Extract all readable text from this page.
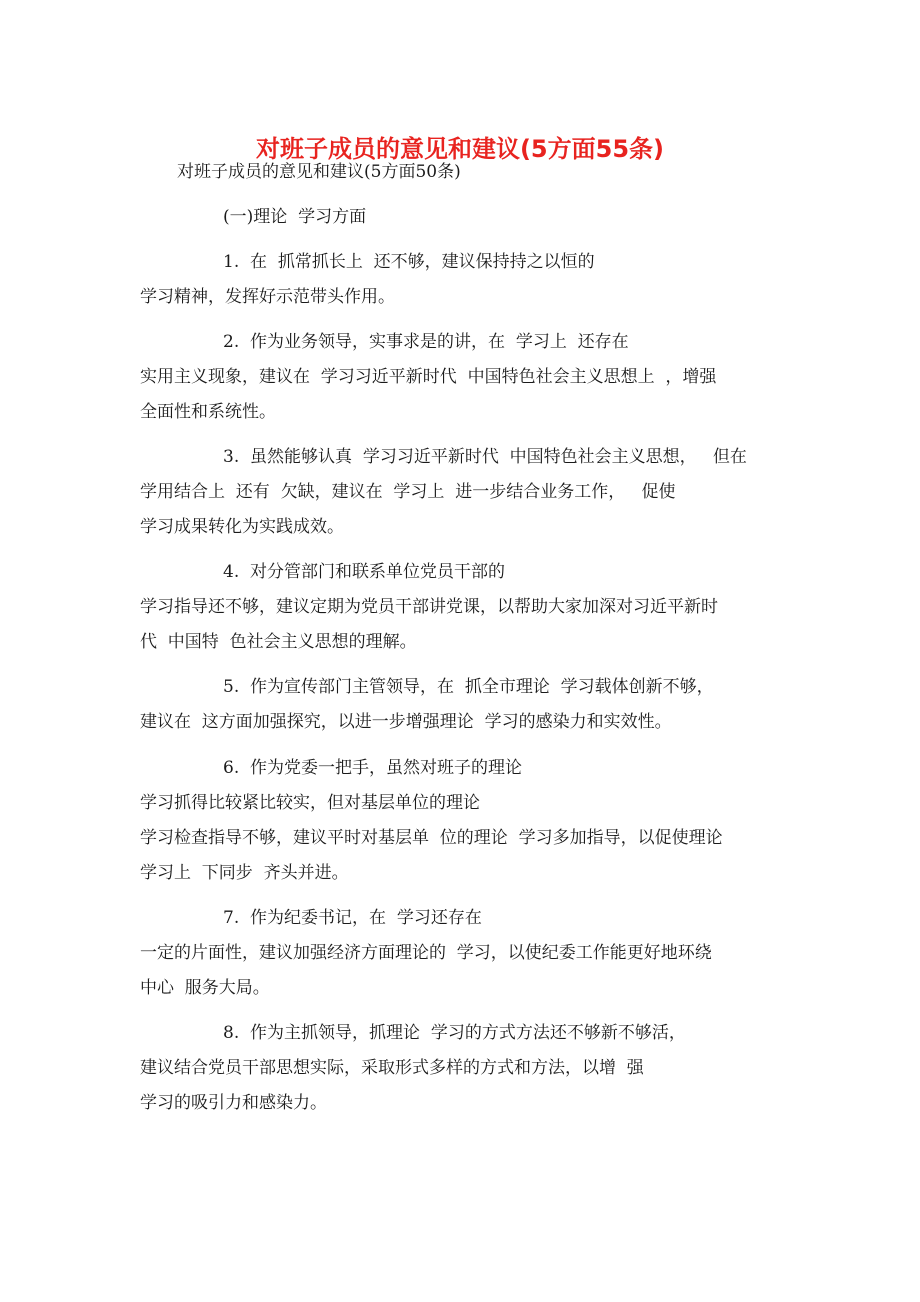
对班子成员的意见和建议(5方面55条)

对班子成员的意见和建议(5方面50条)

(一)理论  学习方面

1.  在  抓常抓长上  还不够，建议保持持之以恒的

学习精神，发挥好示范带头作用。

2.  作为业务领导，实事求是的讲，在  学习上  还存在

实用主义现象，建议在  学习习近平新时代  中国特色社会主义思想上  ，增强

全面性和系统性。

3.  虽然能够认真  学习习近平新时代  中国特色社会主义思想，   但在

学用结合上  还有  欠缺，建议在  学习上  进一步结合业务工作，   促使

学习成果转化为实践成效。

4.  对分管部门和联系单位党员干部的

学习指导还不够，建议定期为党员干部讲党课，以帮助大家加深对习近平新时

代  中国特  色社会主义思想的理解。

5.  作为宣传部门主管领导，在  抓全市理论  学习载体创新不够，

建议在  这方面加强探究，以进一步增强理论  学习的感染力和实效性。

6.  作为党委一把手，虽然对班子的理论

学习抓得比较紧比较实，但对基层单位的理论

学习检查指导不够，建议平时对基层单  位的理论  学习多加指导，以促使理论

学习上  下同步  齐头并进。

7.  作为纪委书记，在  学习还存在

一定的片面性，建议加强经济方面理论的  学习，以使纪委工作能更好地环绕

中心  服务大局。

8.  作为主抓领导，抓理论  学习的方式方法还不够新不够活，

建议结合党员干部思想实际，采取形式多样的方式和方法，以增  强

学习的吸引力和感染力。
